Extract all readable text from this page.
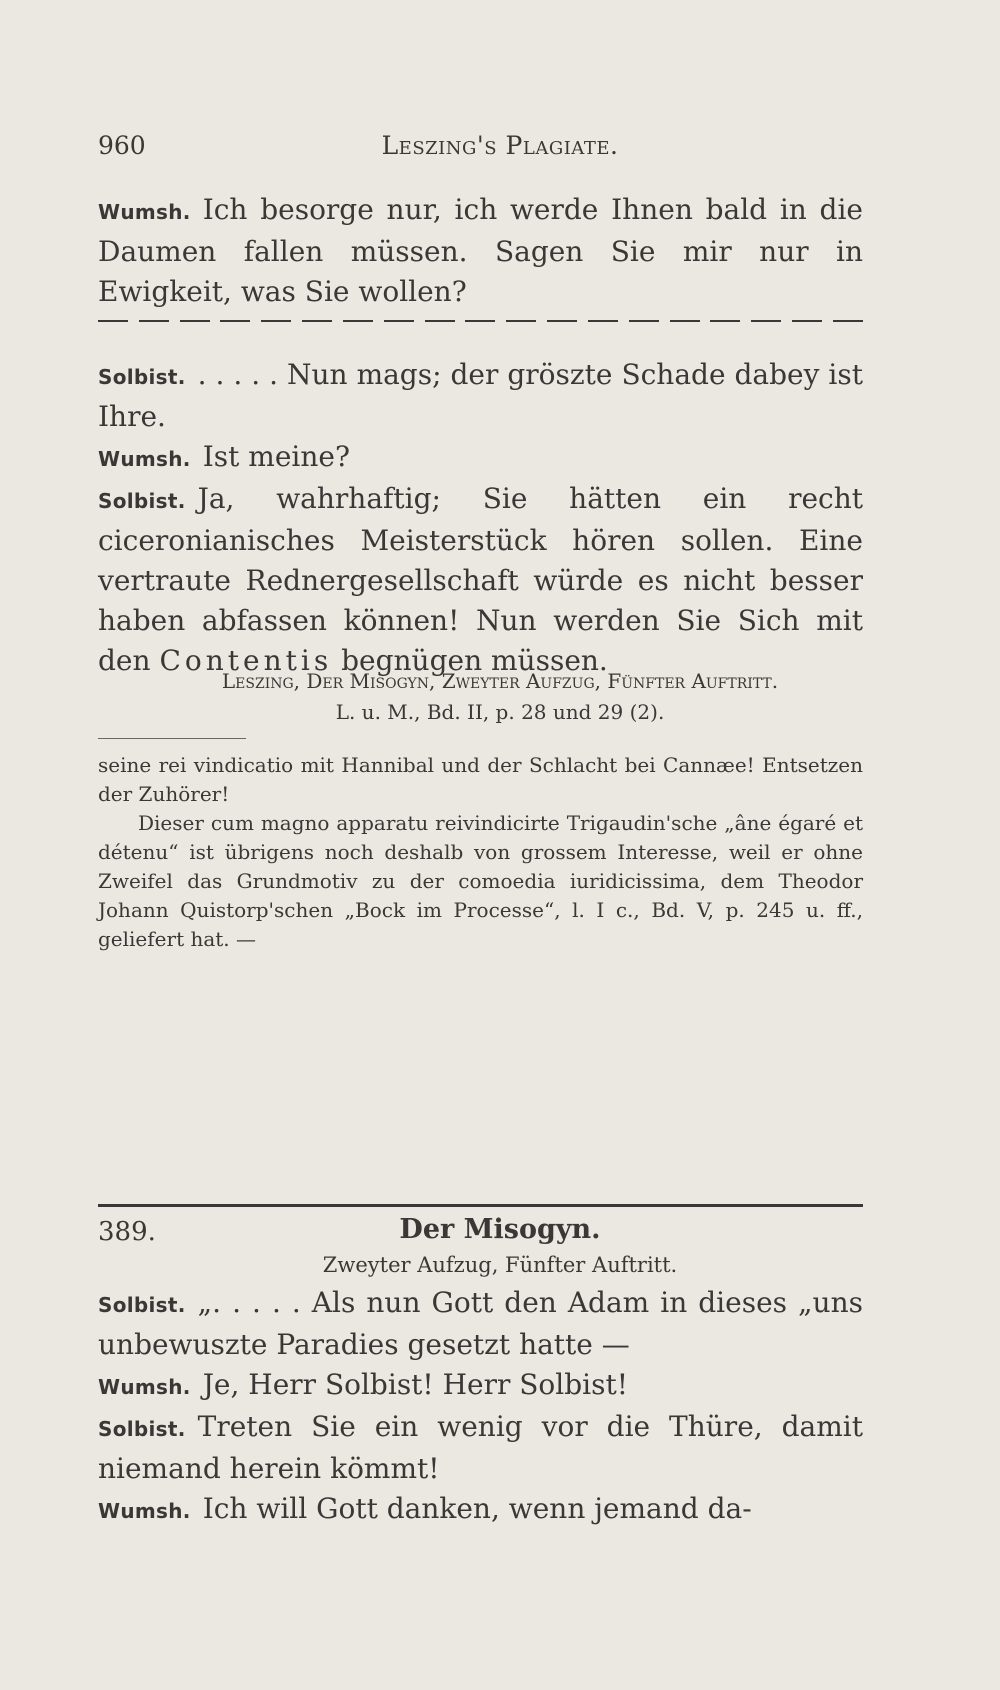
960	Leszing's Plagiate.

Wumsh. Ich besorge nur, ich werde Ihnen bald in die Daumen fallen müssen. Sagen Sie mir nur in Ewigkeit, was Sie wollen?

Solbist. . . . . . Nun mags; der gröszte Schade dabey ist Ihre.

Wumsh. Ist meine?

Solbist. Ja, wahrhaftig; Sie hätten ein recht ciceronianisches Meisterstück hören sollen. Eine vertraute Rednergesellschaft würde es nicht besser haben abfassen können! Nun werden Sie Sich mit den Contentis begnügen müssen.

Leszing, Der Misogyn, Zweyter Aufzug, Fünfter Auftritt.
L. u. M., Bd. II, p. 28 und 29 (2).

seine rei vindicatio mit Hannibal und der Schlacht bei Cannæe! Entsetzen der Zuhörer!

Dieser cum magno apparatu reivindicirte Trigaudin'sche „âne égaré et détenu“ ist übrigens noch deshalb von grossem Interesse, weil er ohne Zweifel das Grundmotiv zu der comoedia iuridicissima, dem Theodor Johann Quistorp'schen „Bock im Processe“, l. I c., Bd. V, p. 245 u. ff., geliefert hat. —

389.	Der Misogyn.
Zweyter Aufzug, Fünfter Auftritt.

Solbist. „. . . . . Als nun Gott den Adam in dieses „uns unbewuszte Paradies gesetzt hatte —

Wumsh. Je, Herr Solbist! Herr Solbist!

Solbist. Treten Sie ein wenig vor die Thüre, damit niemand herein kömmt!

Wumsh. Ich will Gott danken, wenn jemand da-
